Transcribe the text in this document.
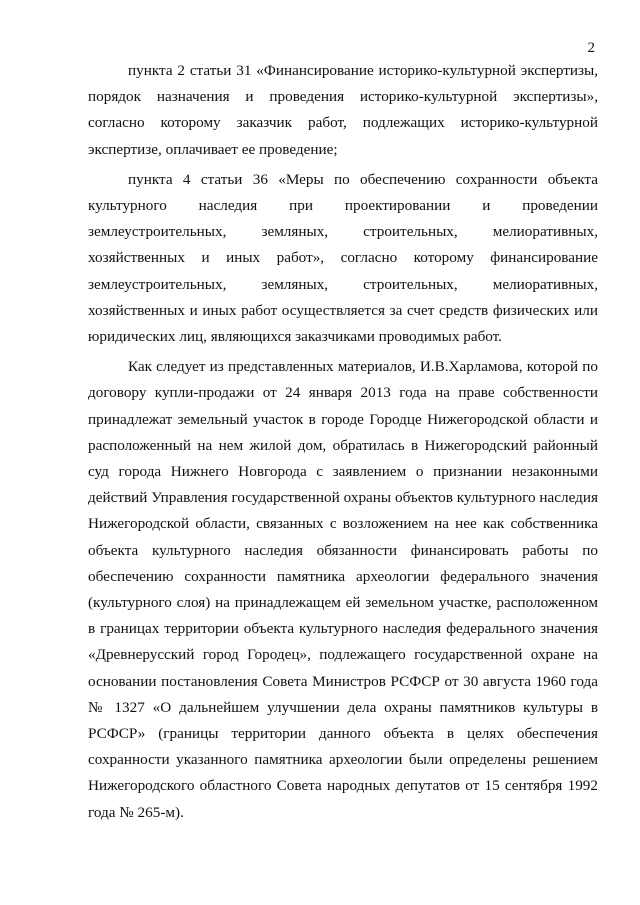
2

пункта 2 статьи 31 «Финансирование историко-культурной экспертизы, порядок назначения и проведения историко-культурной экспертизы», согласно которому заказчик работ, подлежащих историко-культурной экспертизе, оплачивает ее проведение;

пункта 4 статьи 36 «Меры по обеспечению сохранности объекта культурного наследия при проектировании и проведении землеустроительных, земляных, строительных, мелиоративных, хозяйственных и иных работ», согласно которому финансирование землеустроительных, земляных, строительных, мелиоративных, хозяйственных и иных работ осуществляется за счет средств физических или юридических лиц, являющихся заказчиками проводимых работ.

Как следует из представленных материалов, И.В.Харламова, которой по договору купли-продажи от 24 января 2013 года на праве собственности принадлежат земельный участок в городе Городце Нижегородской области и расположенный на нем жилой дом, обратилась в Нижегородский районный суд города Нижнего Новгорода с заявлением о признании незаконными действий Управления государственной охраны объектов культурного наследия Нижегородской области, связанных с возложением на нее как собственника объекта культурного наследия обязанности финансировать работы по обеспечению сохранности памятника археологии федерального значения (культурного слоя) на принадлежащем ей земельном участке, расположенном в границах территории объекта культурного наследия федерального значения «Древнерусский город Городец», подлежащего государственной охране на основании постановления Совета Министров РСФСР от 30 августа 1960 года № 1327 «О дальнейшем улучшении дела охраны памятников культуры в РСФСР» (границы территории данного объекта в целях обеспечения сохранности указанного памятника археологии были определены решением Нижегородского областного Совета народных депутатов от 15 сентября 1992 года № 265-м).
